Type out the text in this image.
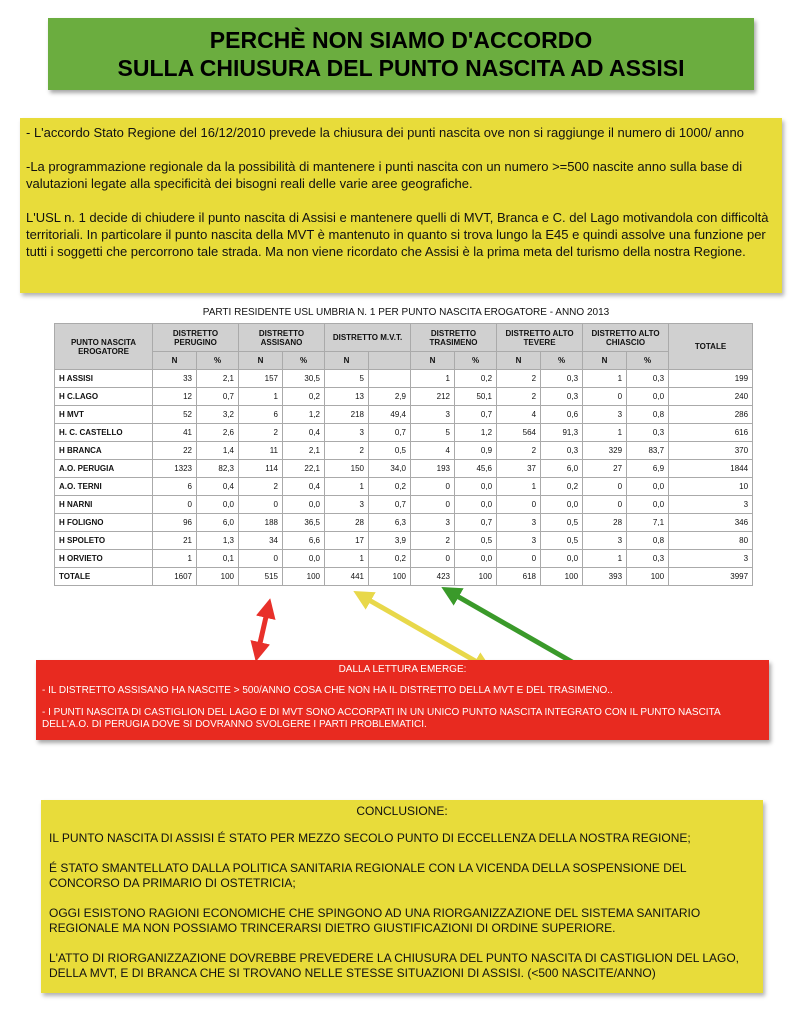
PERCHÈ NON SIAMO D'ACCORDO
SULLA CHIUSURA DEL PUNTO NASCITA AD ASSISI

- L'accordo Stato Regione del 16/12/2010 prevede la chiusura dei punti nascita ove non si raggiunge il numero di 1000/ anno

-La programmazione regionale da la possibilità di mantenere i punti nascita con un numero >=500 nascite anno sulla base di valutazioni legate alla specificità dei bisogni reali delle varie aree geografiche.

L'USL n. 1 decide di chiudere il punto nascita di Assisi e mantenere quelli di MVT, Branca e C. del Lago motivandola con difficoltà territoriali. In particolare il punto nascita della MVT è mantenuto in quanto si trova lungo la E45 e quindi assolve una funzione per tutti i soggetti che percorrono tale strada. Ma non viene ricordato che Assisi è la prima meta del turismo della nostra Regione.

PARTI RESIDENTE USL UMBRIA N. 1 PER PUNTO NASCITA EROGATORE - ANNO 2013
PUNTO NASCITA EROGATORE	DISTRETTO PERUGINO		DISTRETTO ASSISANO		DISTRETTO M.V.T.		DISTRETTO TRASIMENO		DISTRETTO ALTO TEVERE		DISTRETTO ALTO CHIASCIO		TOTALE
	N	%	N	%	N		N	%	N	%	N	%	
H ASSISI	33	2,1	157	30,5	5		1	0,2	2	0,3	1	0,3	199
H C.LAGO	12	0,7	1	0,2	13	2,9	212	50,1	2	0,3	0	0,0	240
H MVT	52	3,2	6	1,2	218	49,4	3	0,7	4	0,6	3	0,8	286
H. C. CASTELLO	41	2,6	2	0,4	3	0,7	5	1,2	564	91,3	1	0,3	616
H BRANCA	22	1,4	11	2,1	2	0,5	4	0,9	2	0,3	329	83,7	370
A.O. PERUGIA	1323	82,3	114	22,1	150	34,0	193	45,6	37	6,0	27	6,9	1844
A.O. TERNI	6	0,4	2	0,4	1	0,2	0	0,0	1	0,2	0	0,0	10
H NARNI	0	0,0	0	0,0	3	0,7	0	0,0	0	0,0	0	0,0	3
H FOLIGNO	96	6,0	188	36,5	28	6,3	3	0,7	3	0,5	28	7,1	346
H SPOLETO	21	1,3	34	6,6	17	3,9	2	0,5	3	0,5	3	0,8	80
H ORVIETO	1	0,1	0	0,0	1	0,2	0	0,0	0	0,0	1	0,3	3
TOTALE	1607	100	515	100	441	100	423	100	618	100	393	100	3997
DALLA LETTURA EMERGE:

- IL DISTRETTO ASSISANO HA NASCITE > 500/ANNO COSA CHE NON HA IL DISTRETTO DELLA MVT E DEL TRASIMENO..

- I PUNTI NASCITA DI CASTIGLION DEL LAGO E DI MVT SONO ACCORPATI IN UN UNICO PUNTO NASCITA INTEGRATO CON IL PUNTO NASCITA DELL'A.O. DI PERUGIA DOVE SI DOVRANNO SVOLGERE I PARTI PROBLEMATICI.

CONCLUSIONE:

IL PUNTO NASCITA DI ASSISI É STATO PER MEZZO SECOLO PUNTO DI ECCELLENZA DELLA NOSTRA REGIONE;

É STATO SMANTELLATO DALLA POLITICA SANITARIA REGIONALE CON LA VICENDA DELLA SOSPENSIONE DEL CONCORSO DA PRIMARIO DI OSTETRICIA;

OGGI ESISTONO RAGIONI ECONOMICHE CHE SPINGONO AD UNA RIORGANIZZAZIONE DEL SISTEMA SANITARIO REGIONALE MA NON POSSIAMO TRINCERARSI DIETRO GIUSTIFICAZIONI DI ORDINE SUPERIORE.

L'ATTO DI RIORGANIZZAZIONE DOVREBBE PREVEDERE LA CHIUSURA DEL PUNTO NASCITA DI CASTIGLION DEL LAGO, DELLA MVT, E DI BRANCA CHE SI TROVANO NELLE STESSE SITUAZIONI DI ASSISI. (<500 NASCITE/ANNO)
